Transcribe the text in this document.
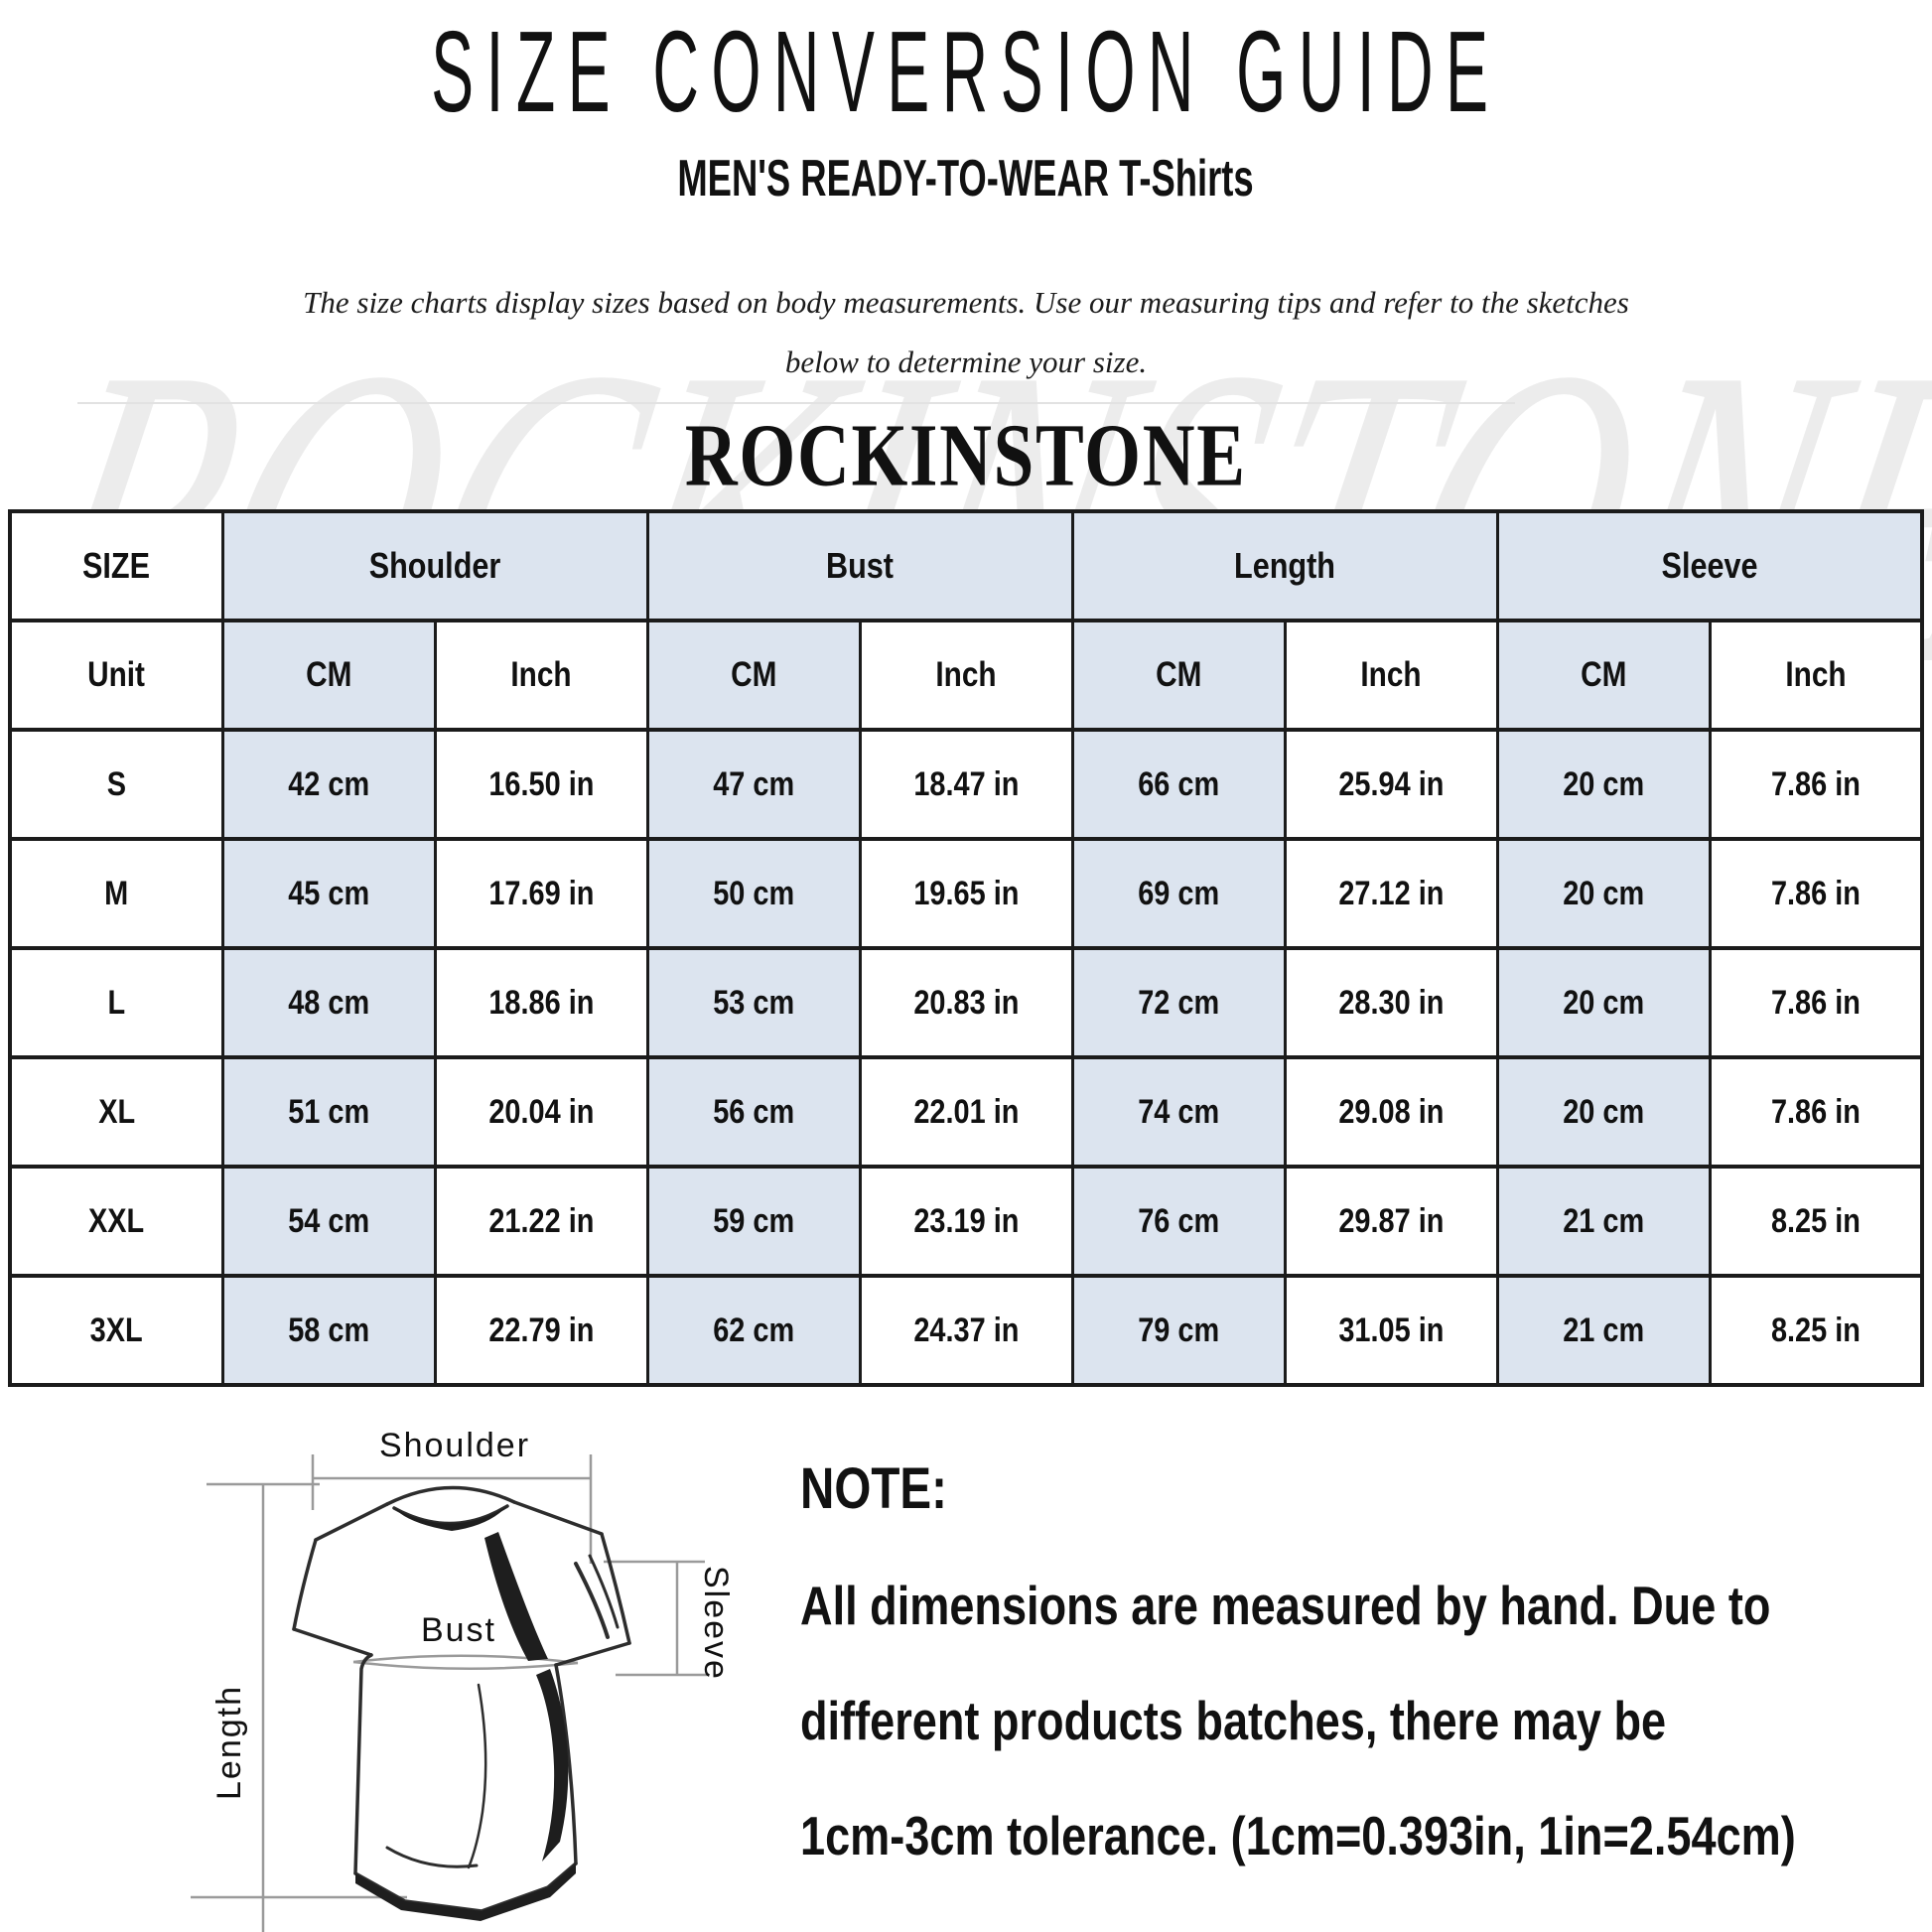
SIZE CONVERSION GUIDE
MEN'S READY-TO-WEAR T-Shirts

The size charts display sizes based on body measurements. Use our measuring tips and refer to the sketches

below to determine your size.

ROCKINSTONE
SIZE	Shoulder		Bust		Length		Sleeve	
Unit	CM	Inch	CM	Inch	CM	Inch	CM	Inch
S	42 cm	16.50 in	47 cm	18.47 in	66 cm	25.94 in	20 cm	7.86 in
M	45 cm	17.69 in	50 cm	19.65 in	69 cm	27.12 in	20 cm	7.86 in
L	48 cm	18.86 in	53 cm	20.83 in	72 cm	28.30 in	20 cm	7.86 in
XL	51 cm	20.04 in	56 cm	22.01 in	74 cm	29.08 in	20 cm	7.86 in
XXL	54 cm	21.22 in	59 cm	23.19 in	76 cm	29.87 in	21 cm	8.25 in
3XL	58 cm	22.79 in	62 cm	24.37 in	79 cm	31.05 in	21 cm	8.25 in
Shoulder
Bust
Length
Sleeve
NOTE:
All dimensions are measured by hand. Due to
different products batches, there may be
1cm-3cm tolerance. (1cm=0.393in, 1in=2.54cm)
